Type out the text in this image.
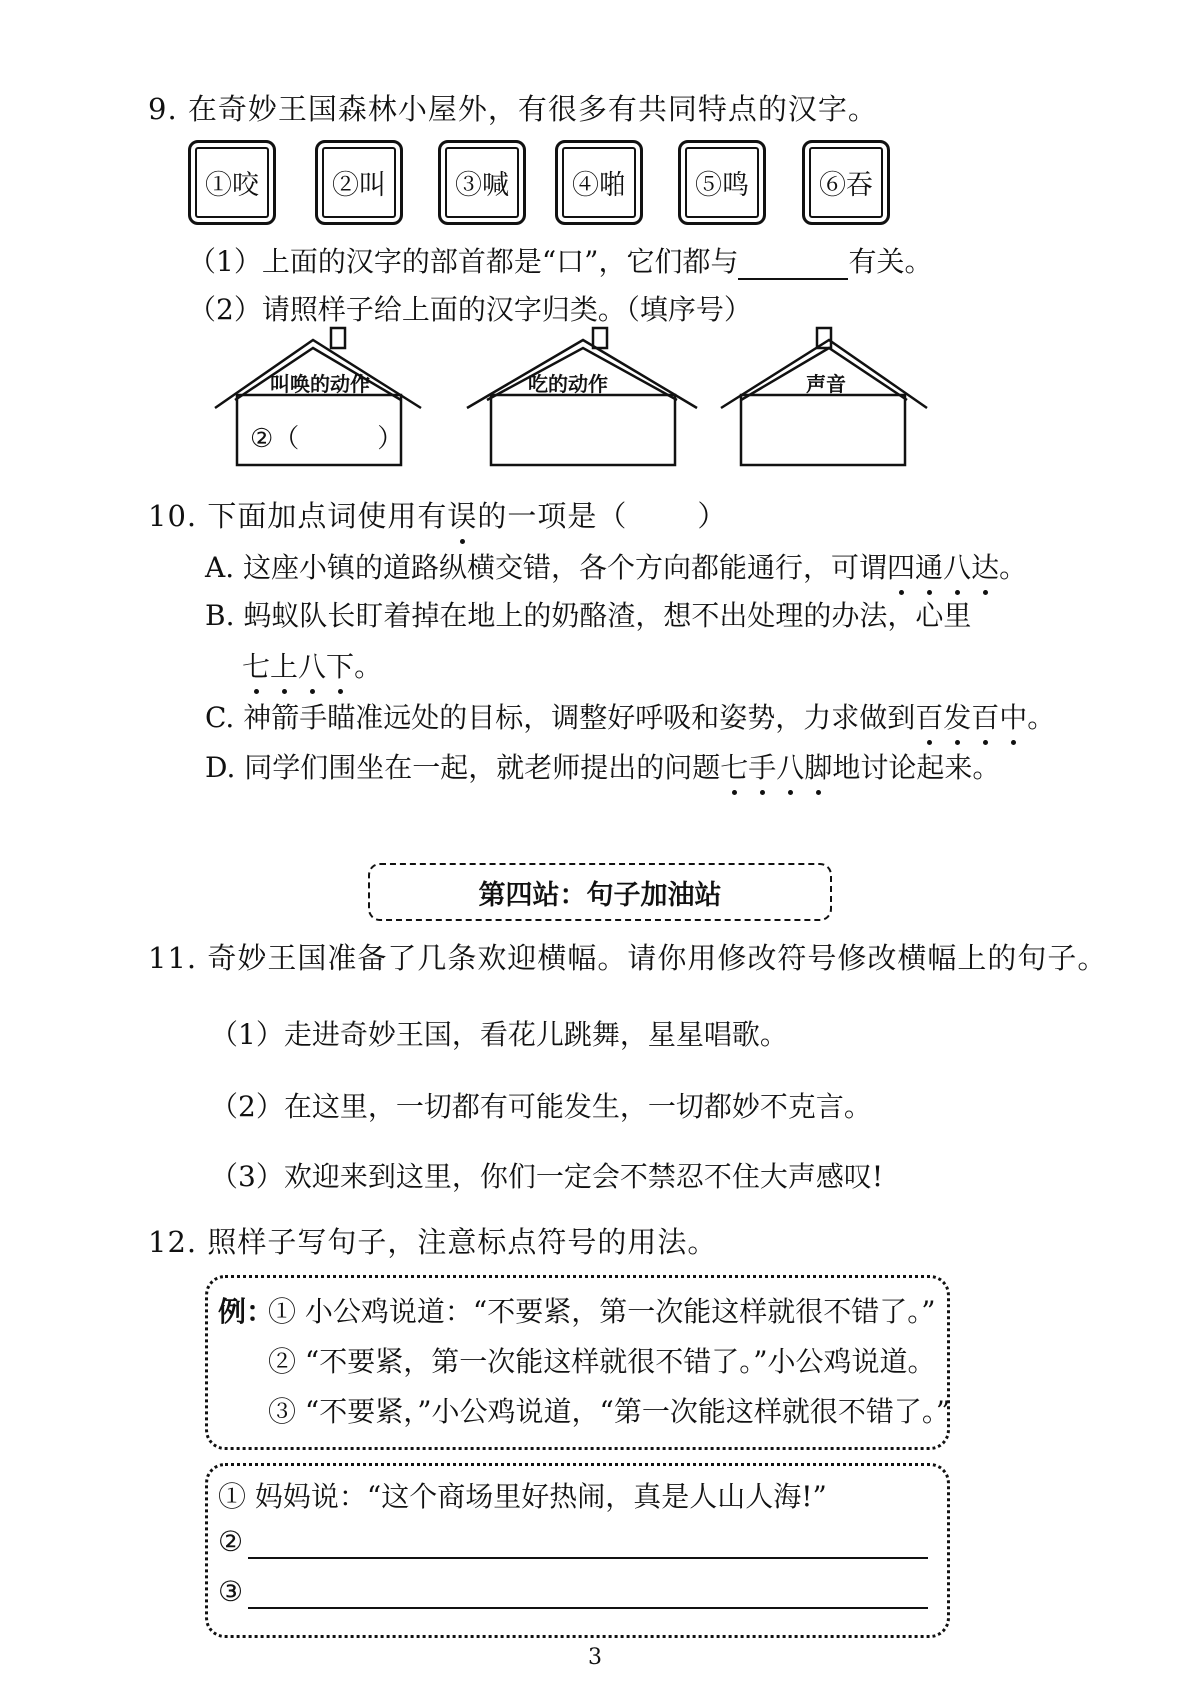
9. 在奇妙王国森林小屋外，有很多有共同特点的汉字。
①咬	②叫	③喊 ④啪	⑤鸣	⑥吞
（1）上面的汉字的部首都是“口”，它们都与	有关。
（2）请照样子给上面的汉字归类。（填序号）
叫唤的动作	吃的动作	声音
②（　　　）
10. 下面加点词使用有误的一项是（ ）
A. 这座小镇的道路纵横交错，各个方向都能通行，可谓四通八达。
B. 蚂蚁队长盯着掉在地上的奶酪渣，想不出处理的办法，心里
七上八下。
C. 神箭手瞄准远处的目标，调整好呼吸和姿势，力求做到百发百中。
D. 同学们围坐在一起，就老师提出的问题七手八脚地讨论起来。
第四站：句子加油站
11. 奇妙王国准备了几条欢迎横幅。请你用修改符号修改横幅上的句子。
（1）走进奇妙王国，看花儿跳舞，星星唱歌。
（2）在这里，一切都有可能发生，一切都妙不克言。
（3）欢迎来到这里，你们一定会不禁忍不住大声感叹!
12. 照样子写句子，注意标点符号的用法。
例：
① 小公鸡说道：“不要紧，第一次能这样就很不错了。”
② “不要紧，第一次能这样就很不错了。”小公鸡说道。
③ “不要紧，”小公鸡说道，“第一次能这样就很不错了。”
① 妈妈说：“这个商场里好热闹，真是人山人海!”
②
③
3
